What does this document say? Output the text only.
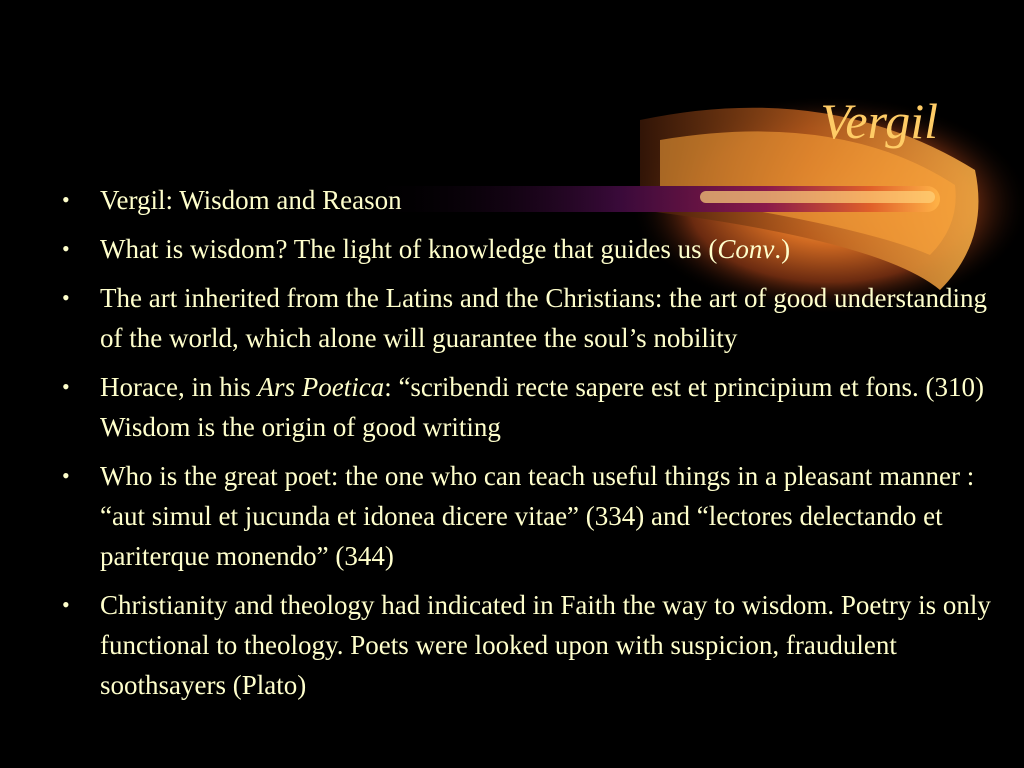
Vergil
•	Vergil: Wisdom and Reason
•	What is wisdom? The light of knowledge that guides us (Conv.)
•	The art inherited from the Latins and the Christians: the art of good understanding of the world, which alone will guarantee the soul’s nobility
•	Horace, in his Ars Poetica: “scribendi recte sapere est et principium et fons. (310) Wisdom is the origin of good writing
•	Who is the great poet: the one who can teach useful things in a pleasant manner : “aut simul et jucunda et idonea dicere vitae” (334) and “lectores delectando et pariterque monendo” (344)
•	Christianity and theology had indicated in Faith the way to wisdom. Poetry is only functional to theology. Poets were looked upon with suspicion, fraudulent soothsayers (Plato)
